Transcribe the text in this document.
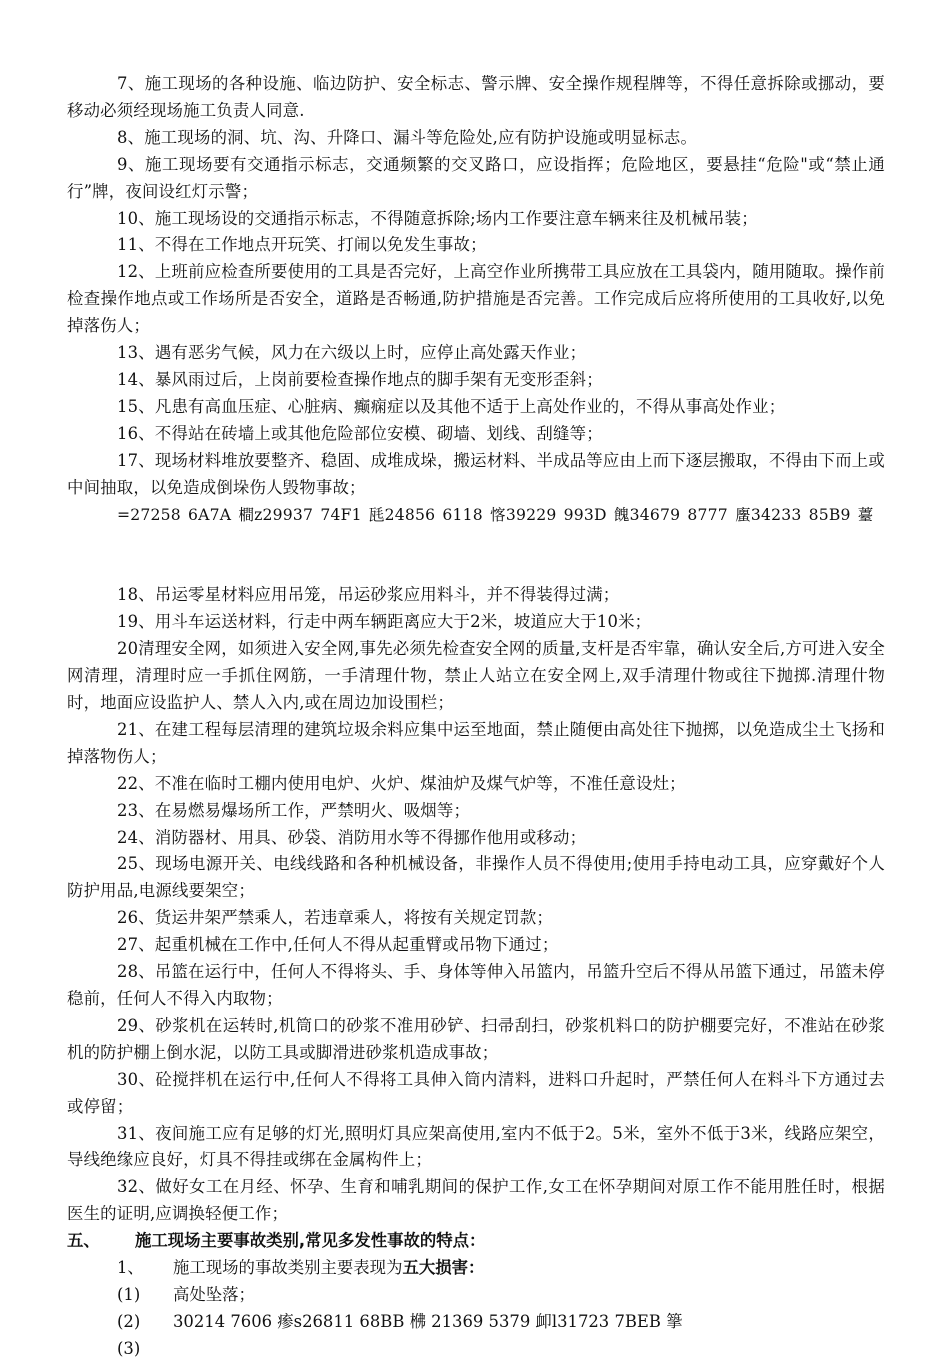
7、施工现场的各种设施、临边防护、安全标志、警示牌、安全操作规程牌等，不得任意拆除或挪动，要移动必须经现场施工负责人同意.

8、施工现场的洞、坑、沟、升降口、漏斗等危险处,应有防护设施或明显标志。

9、施工现场要有交通指示标志，交通频繁的交叉路口，应设指挥；危险地区，要悬挂“危险"或“禁止通行”牌，夜间设红灯示警；

10、施工现场设的交通指示标志，不得随意拆除;场内工作要注意车辆来往及机械吊装；

11、不得在工作地点开玩笑、打闹以免发生事故；

12、上班前应检查所要使用的工具是否完好，上高空作业所携带工具应放在工具袋内，随用随取。操作前检查操作地点或工作场所是否安全，道路是否畅通,防护措施是否完善。工作完成后应将所使用的工具收好,以免掉落伤人；

13、遇有恶劣气候，风力在六级以上时，应停止高处露天作业；

14、暴风雨过后，上岗前要检查操作地点的脚手架有无变形歪斜；

15、凡患有高血压症、心脏病、癫痫症以及其他不适于上高处作业的，不得从事高处作业；

16、不得站在砖墙上或其他危险部位安模、砌墙、划线、刮缝等；

17、现场材料堆放要整齐、稳固、成堆成垛，搬运材料、半成品等应由上而下逐层搬取，不得由下而上或中间抽取，以免造成倒垛伤人毁物事故；

=27258 6A7A 橺z29937 74F1 瓱24856 6118 愘39229 993D 餽34679 8777 螷34233 85B9 薹

18、吊运零星材料应用吊笼，吊运砂浆应用料斗，并不得装得过满；

19、用斗车运送材料，行走中两车辆距离应大于2米，坡道应大于10米；

20清理安全网，如须进入安全网,事先必须先检查安全网的质量,支杆是否牢靠，确认安全后,方可进入安全网清理，清理时应一手抓住网筋，一手清理什物，禁止人站立在安全网上,双手清理什物或往下抛掷.清理什物时，地面应设监护人、禁人入内,或在周边加设围栏；

21、在建工程每层清理的建筑垃圾余料应集中运至地面，禁止随便由高处往下抛掷，以免造成尘土飞扬和掉落物伤人；

22、不准在临时工棚内使用电炉、火炉、煤油炉及煤气炉等，不准任意设灶；

23、在易燃易爆场所工作，严禁明火、吸烟等；

24、消防器材、用具、砂袋、消防用水等不得挪作他用或移动；

25、现场电源开关、电线线路和各种机械设备，非操作人员不得使用;使用手持电动工具，应穿戴好个人防护用品,电源线要架空；

26、货运井架严禁乘人，若违章乘人，将按有关规定罚款；

27、起重机械在工作中,任何人不得从起重臂或吊物下通过；

28、吊篮在运行中，任何人不得将头、手、身体等伸入吊篮内，吊篮升空后不得从吊篮下通过，吊篮未停稳前，任何人不得入内取物；

29、砂浆机在运转时,机筒口的砂浆不准用砂铲、扫帚刮扫，砂浆机料口的防护棚要完好，不准站在砂浆机的防护棚上倒水泥，以防工具或脚滑进砂浆机造成事故；

30、砼搅拌机在运行中,任何人不得将工具伸入筒内清料，进料口升起时，严禁任何人在料斗下方通过去或停留；

31、夜间施工应有足够的灯光,照明灯具应架高使用,室内不低于2。5米，室外不低于3米，线路应架空，导线绝缘应良好，灯具不得挂或绑在金属构件上；

32、做好女工在月经、怀孕、生育和哺乳期间的保护工作,女工在怀孕期间对原工作不能用胜任时，根据医生的证明,应调换轻便工作；

五、 施工现场主要事故类别,常见多发性事故的特点：

1、 施工现场的事故类别主要表现为五大损害：

(1) 高处坠落；

(2) 30214 7606 瘆s26811 68BB 梻 21369 5379 卹l31723 7BEB 篫

(3)
